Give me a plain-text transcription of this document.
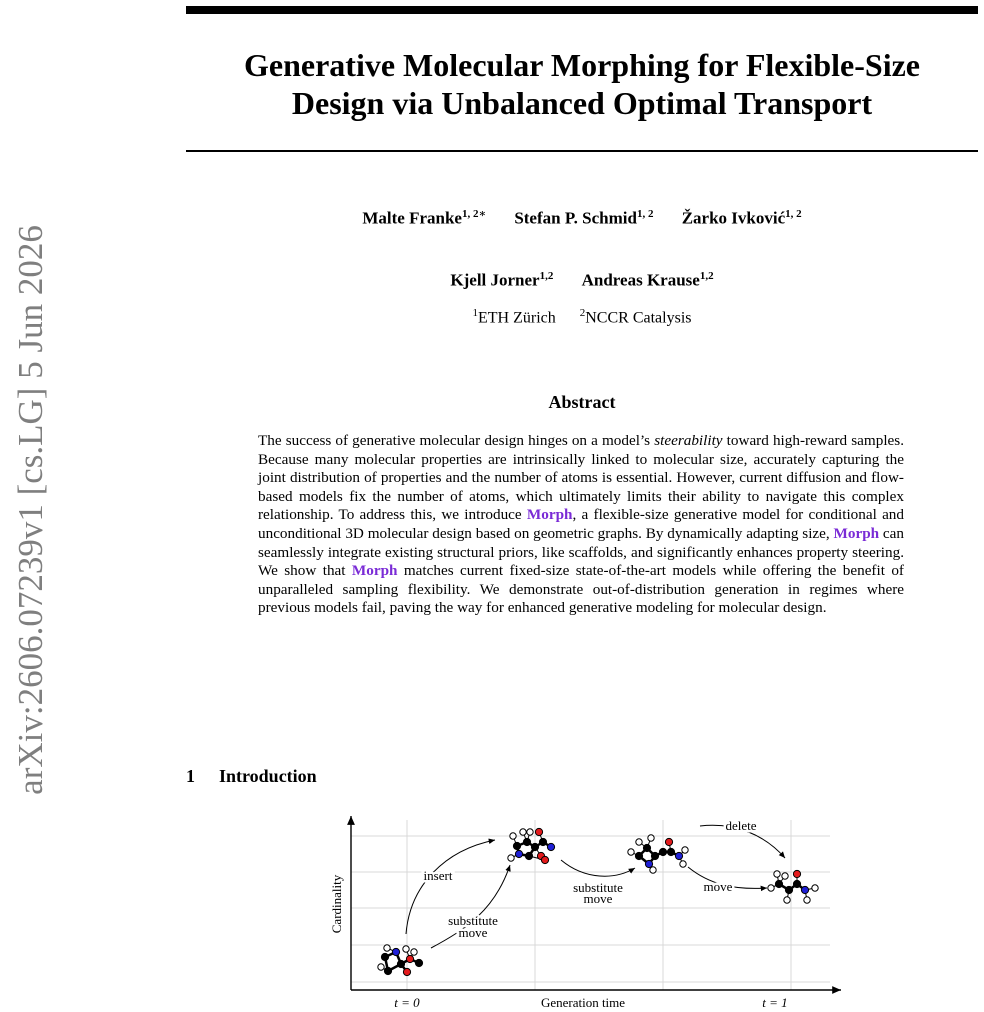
Generative Molecular Morphing for Flexible-Size
Design via Unbalanced Optimal Transport
arXiv:2606.07239v1 [cs.LG] 5 Jun 2026
Malte Franke$^{1, 2∗}$ Stefan P. Schmid$^{1, 2}$ Žarko Ivković$^{1, 2}$
Kjell Jorner$^{1,2}$ Andreas Krause$^{1,2}$
$^1$ETH Zürich $^2$NCCR Catalysis
Abstract
The success of generative molecular design hinges on a model’s steerability toward high-reward samples. Because many molecular properties are intrinsically linked to molecular size, accurately capturing the joint distribution of properties and the number of atoms is essential. However, current diffusion and flow-based models fix the number of atoms, which ultimately limits their ability to navigate this complex relationship. To address this, we introduce Morph, a flexible-size generative model for conditional and unconditional 3D molecular design based on geometric graphs. By dynamically adapting size, Morph can seamlessly integrate existing structural priors, like scaffolds, and significantly enhances property steering. We show that Morph matches current fixed-size state-of-the-art models while offering the benefit of unparalleled sampling flexibility. We demonstrate out-of-distribution generation in regimes where previous models fail, paving the way for enhanced generative modeling for molecular design.
1 Introduction
Cardinality
Generation time
t = 0	t = 1
insert
substitute
move
substitute
move
delete
move
